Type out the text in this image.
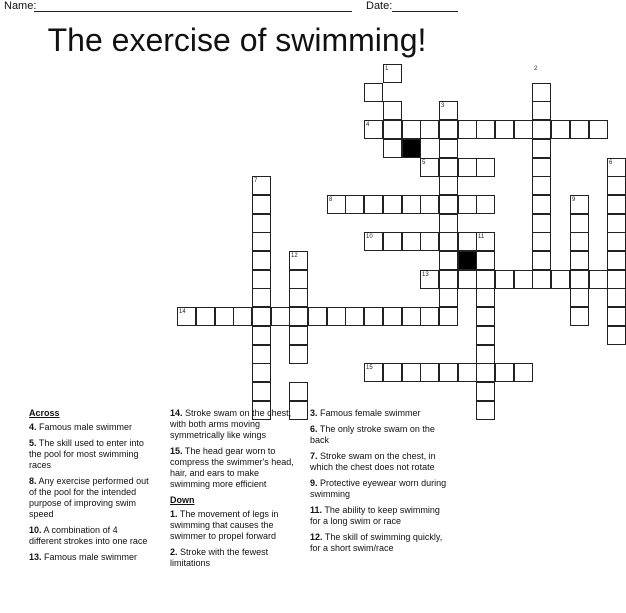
Name:	Date:
The exercise of swimming!
1	2
3
4
5	6
7
8	9
10	11
12
13
14
15
Across
4. Famous male swimmer
5. The skill used to enter into the pool for most swimming races
8. Any exercise performed out of the pool for the intended purpose of improving swim speed
10. A combination of 4 different strokes into one race
13. Famous male swimmer
14. Stroke swam on the chest, with both arms moving symmetrically like wings
15. The head gear worn to compress the swimmer's head, hair, and ears to make swimming more efficient
Down
1. The movement of legs in swimming that causes the swimmer to propel forward
2. Stroke with the fewest limitations
3. Famous female swimmer
6. The only stroke swam on the back
7. Stroke swam on the chest, in which the chest does not rotate
9. Protective eyewear worn during swimming
11. The ability to keep swimming for a long swim or race
12. The skill of swimming quickly, for a short swim/race
